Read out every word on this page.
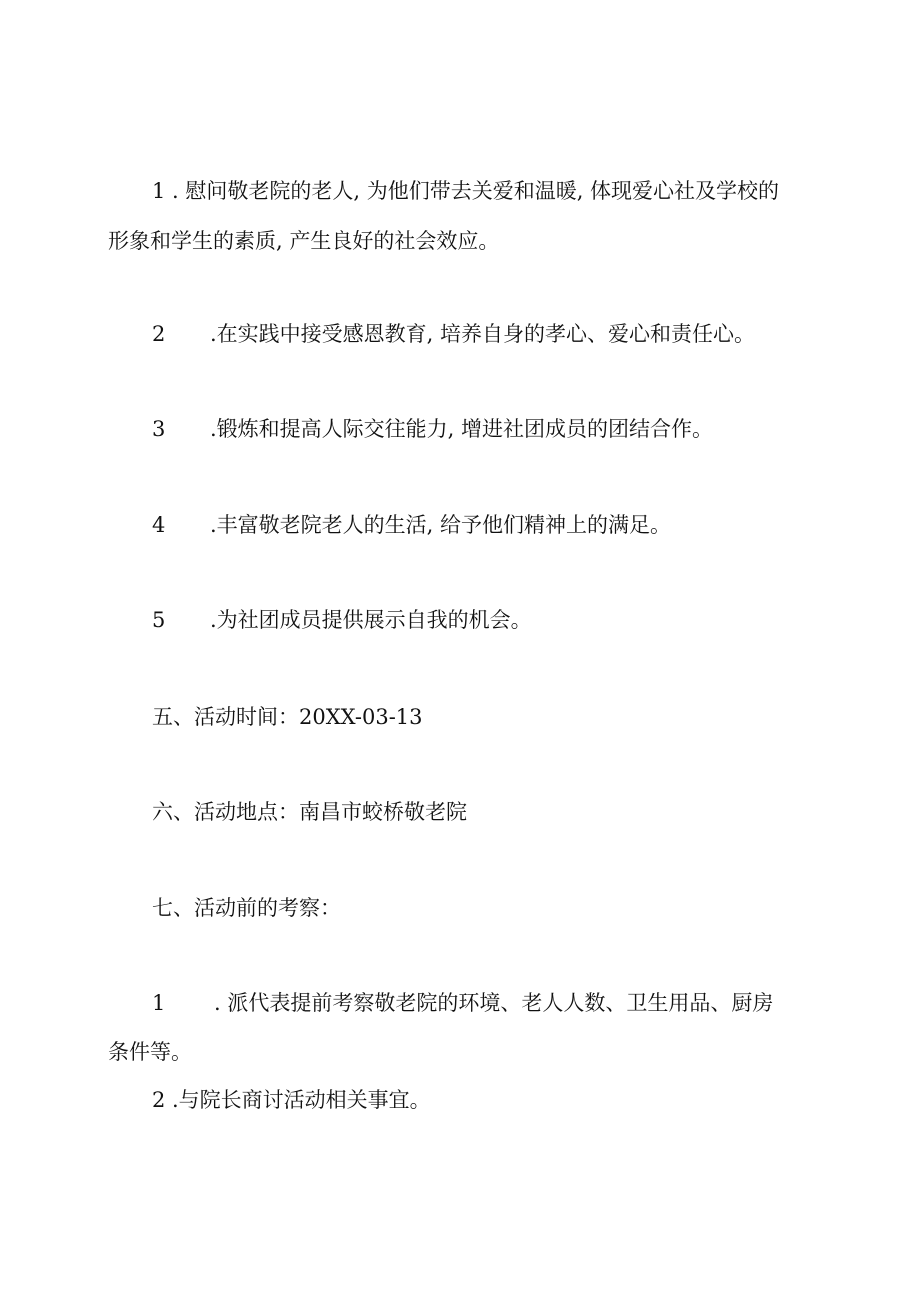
1 . 慰问敬老院的老人, 为他们带去关爱和温暖, 体现爱心社及学校的
形象和学生的素质, 产生良好的社会效应。
2 .在实践中接受感恩教育, 培养自身的孝心、爱心和责任心。
3 .锻炼和提高人际交往能力, 增进社团成员的团结合作。
4 .丰富敬老院老人的生活, 给予他们精神上的满足。
5 .为社团成员提供展示自我的机会。
五、活动时间：20XX-03-13
六、活动地点：南昌市蛟桥敬老院
七、活动前的考察：
1 . 派代表提前考察敬老院的环境、老人人数、卫生用品、厨房
条件等。
2 .与院长商讨活动相关事宜。
